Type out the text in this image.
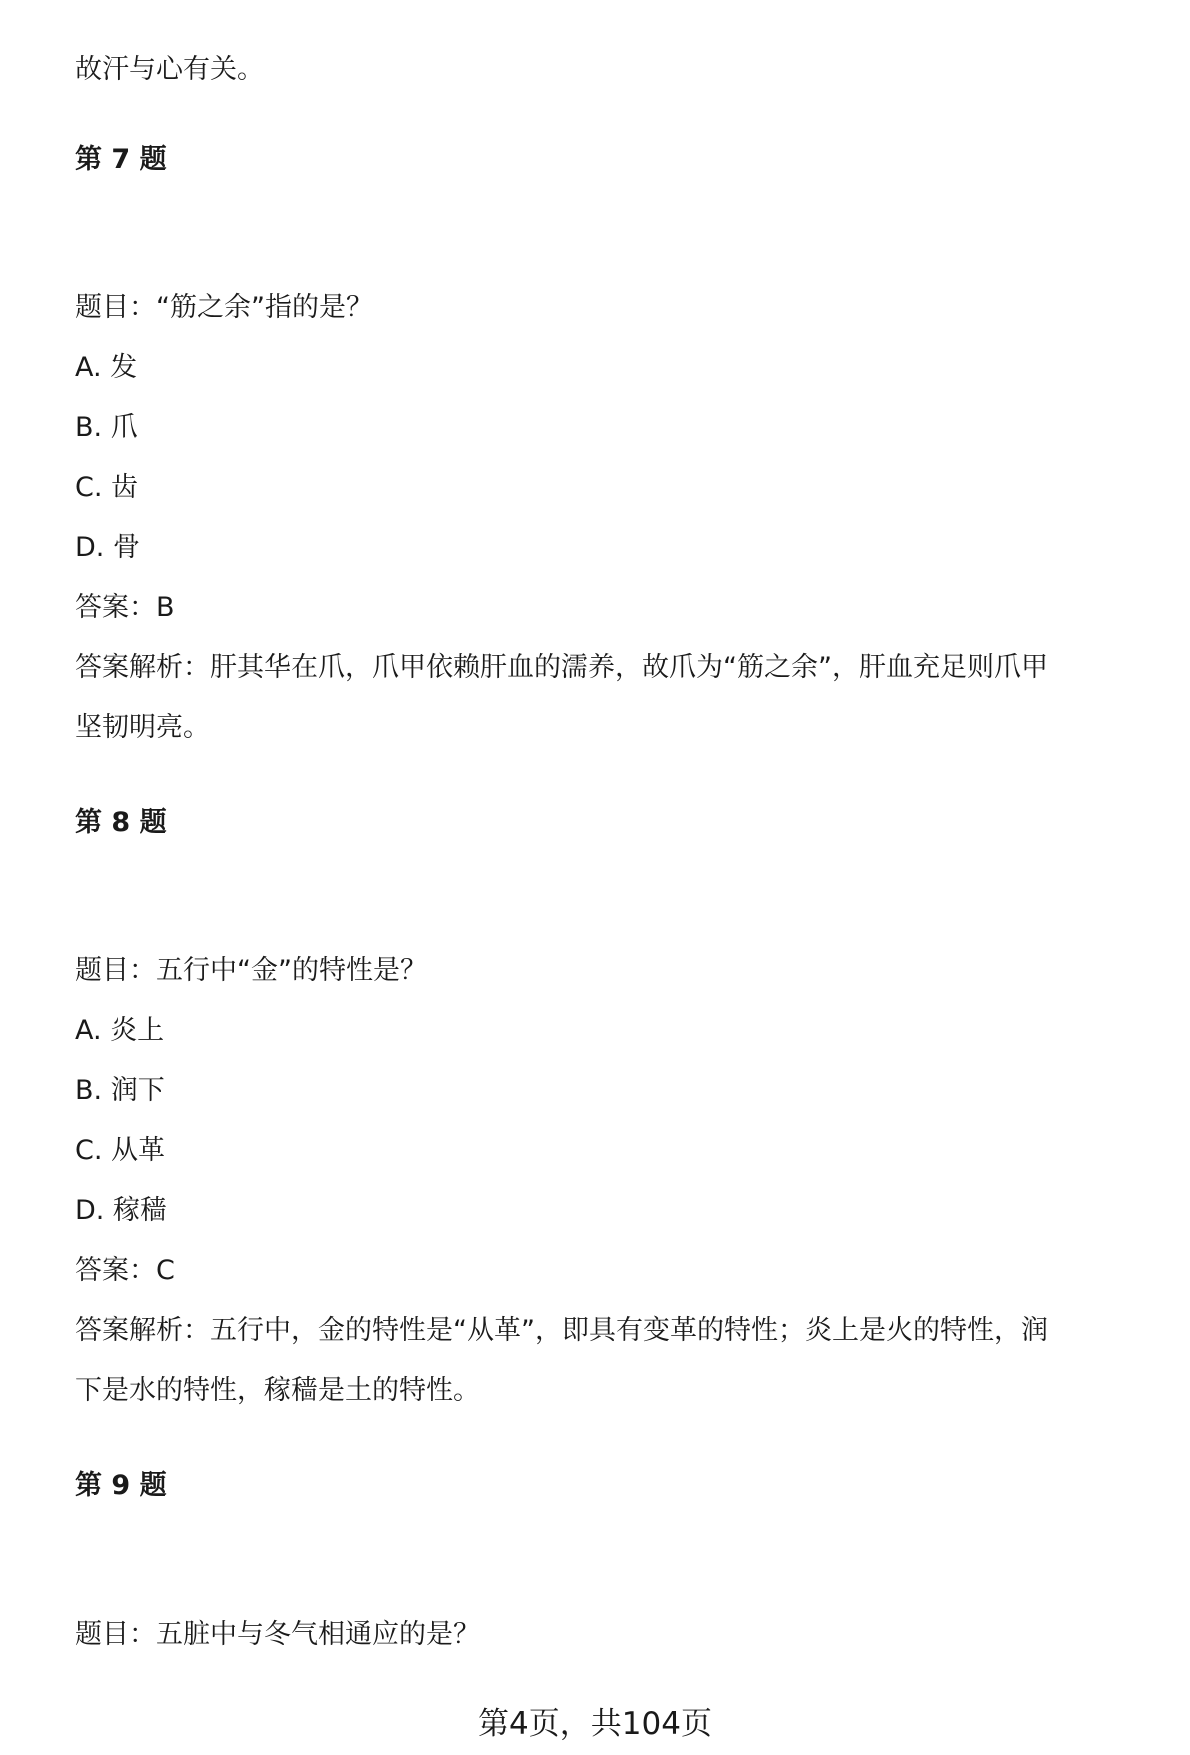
故汗与心有关。
第 7 题
题目：“筋之余”指的是？
A. 发
B. 爪
C. 齿
D. 骨
答案：B
答案解析：肝其华在爪，爪甲依赖肝血的濡养，故爪为“筋之余”，肝血充足则爪甲
坚韧明亮。
第 8 题
题目：五行中“金”的特性是？
A. 炎上
B. 润下
C. 从革
D. 稼穑
答案：C
答案解析：五行中，金的特性是“从革”，即具有变革的特性；炎上是火的特性，润
下是水的特性，稼穑是土的特性。
第 9 题
题目：五脏中与冬气相通应的是？
第4页，共104页
